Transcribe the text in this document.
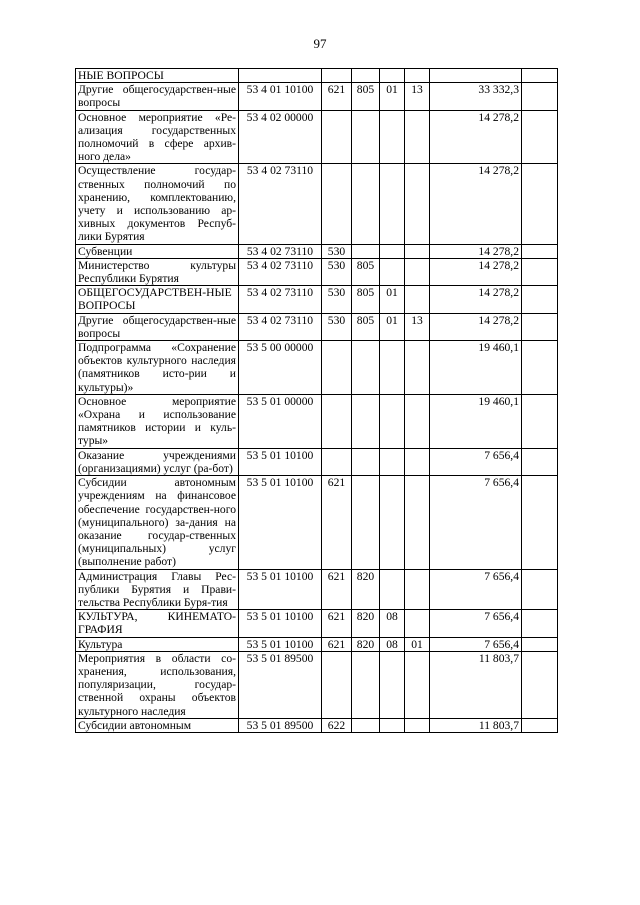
97
НЫЕ ВОПРОСЫ							
Другие общегосударствен-ные вопросы	53 4 01 10100	621	805	01	13	33 332,3	
Основное мероприятие «Ре-ализация государственных полномочий в сфере архив-ного дела»	53 4 02 00000					14 278,2	
Осуществление государ-ственных полномочий по хранению, комплектованию, учету и использованию ар-хивных документов Респуб-лики Бурятия	53 4 02 73110					14 278,2	
Субвенции	53 4 02 73110	530				14 278,2	
Министерство культуры Республики Бурятия	53 4 02 73110	530	805			14 278,2	
ОБЩЕГОСУДАРСТВЕН-НЫЕ ВОПРОСЫ	53 4 02 73110	530	805	01		14 278,2	
Другие общегосударствен-ные вопросы	53 4 02 73110	530	805	01	13	14 278,2	
Подпрограмма «Сохранение объектов культурного наследия (памятников исто-рии и культуры)»	53 5 00 00000					19 460,1	
Основное мероприятие «Охрана и использование памятников истории и куль-туры»	53 5 01 00000					19 460,1	
Оказание учреждениями (организациями) услуг (ра-бот)	53 5 01 10100					7 656,4	
Субсидии автономным учреждениям на финансовое обеспечение государствен-ного (муниципального) за-дания на оказание государ-ственных (муниципальных) услуг (выполнение работ)	53 5 01 10100	621				7 656,4	
Администрация Главы Рес-публики Бурятия и Прави-тельства Республики Буря-тия	53 5 01 10100	621	820			7 656,4	
КУЛЬТУРА, КИНЕМАТО-ГРАФИЯ	53 5 01 10100	621	820	08		7 656,4	
Культура	53 5 01 10100	621	820	08	01	7 656,4	
Мероприятия в области со-хранения, использования, популяризации, государ-ственной охраны объектов культурного наследия	53 5 01 89500					11 803,7	
Субсидии автономным	53 5 01 89500	622				11 803,7	
